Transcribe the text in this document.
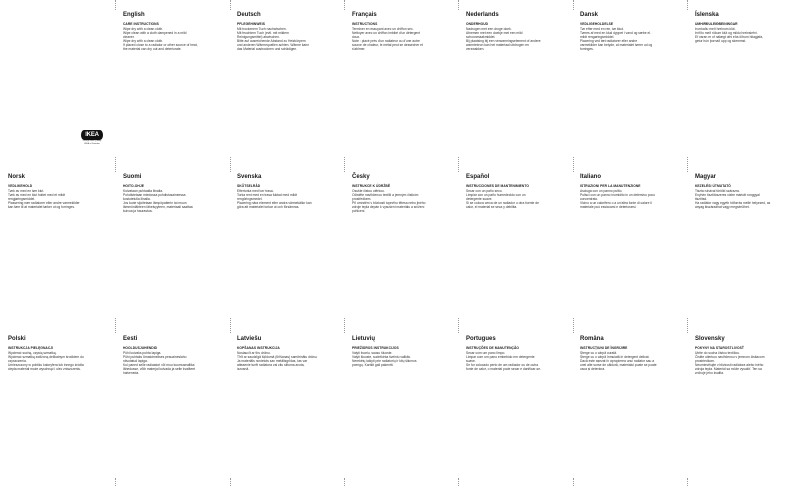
English

CARE INSTRUCTIONS

Wipe dry with a clean cloth.

Wipe clean with a cloth dampened in a mild

cleaner.

Wipe dry with a clean cloth.

If placed close to a radiator or other source of heat,

the material can dry out and deteriorate.

Deutsch

PFLEGEHINWEIS

Mit trockenem Tuch nachwischen.

Mit feuchtem Tuch (evtl. mit mildem

Reinigungsmittel) abwischen.

Bitte auf ausreichende Abstand zu Heizkörpern

und anderen Wärmequellen achten. Wärme kann

das Material austrocknen und schädigen.

Français

INSTRUCTIONS

Terminer en essuyant avec un chiffon sec.

Nettoyer avec un chiffon imbibé d'un détergent

doux.

Note : placé près d'un radiateur ou d'une autre

source de chaleur, le métal peut se dessécher et

s'abîmer.

Nederlands

ONDERHOUD

Nadrogen met een droge doek.

Afnemen met een doekje met een mild

schoonmaakmiddel.

Bij plaatsing bij een verwarmingselement of andere

warmtebron kan het materiaal uitdrogen en

verzwakken.

Dansk

VEDLIGEHOLDELSE

Tør efter med en ren, tør klud.

Tørres af med en klud dyppet i vand og sæbe el.

mildt rengøringsmiddel.

Placering ved tæt radiatorer eller andre

varmekilder kan betyde, at materialet tørrer ud og

forringes.

Íslenska

UMHIRÐULEIÐBEININGAR

Þurrkaðu með hreinum klút.

Þrífðu með rökum klút og mildu hreinsiefni.

Ef varan er of nálægt ofni eða öðrum hitagjafa,

getur hún þornað upp og skemmst.

Norsk

VEDLIKEHOLD

Tørk av med en tørr klut.

Tørk av med en klut fuktet med et mildt

rengjøringsmiddel.

Plassering nær radiatorer eller andre varmekilder

kan føre til at materialet tørker ut og forringes.

Suomi

HOITO-OHJE

Kuivataan puhtaalla liinalla.

Puhdistetaan miedossa puhdistusaineessa

kostutetulla liinalla.

Jos tuote sijoitetaan lämpöpatterin tai muun

lämmönlähteen läheisyyteen, materiaali saattaa

kuivua ja haurastua.

Svenska

SKÖTSELRÅD

Eftertorka med torr trasa.

Torka rent med en trasa fuktad med mildt

rengöringsmedel.

Placering nära element eller andra värmekällor kan

göra att materialet torkar ut och försämras.

Česky

INSTRUKCE K ÚDRŽBĚ

Osušte čistou utěrkou.

Očistěte navlhčenou textilií a jemným čisticím

prostředkem.

Při umístění v blízkosti topného tělesa nebo jiného

zdroje tepla depán k vysušení materiálu a snížení

pohlcení.

Español

INSTRUCCIONES DE MANTENIMIENTO

Secar con un paño seco.

Limpiar con un paño humedecido con un

detergente suave.

Si se coloca cerca de un radiador u otra fuente de

calor, el material se seca y debilita.

Italiano

ISTRUZIONI PER LA MANUTENZIONE

Asciuga con un panno pulito.

Pulisci con un panno inumidito in un detersivo poco

concentrato.

Vicino a un calorifero o a un'altra fonte di calore il

materiale può essiccarsi e deteriorarsi.

Magyar

KEZELÉSI ÚTMUTATÓ

Tiszta ruhával törölld szárazra.

Enyhén tisztítószeres vizbe mártott ronggyal

tisztítsd.

Ha radiátor vagy egyéb hőforrás mellé helyezed, az

anyag kiszáradhat vagy megsérülhet.

Polski

INSTRUKCJA PIELĘGNACJI

Wycierać suchą, czystą szmatką.

Wycierać szmatką zwilżoną delikatnym środkiem do

czyszczenia.

Umieszczony w pobliżu kaloryfera lub innego źródła

ciepła materiał może wyschnąć i ulec zniszczeniu.

Eesti

HOOLDUSJUHENDID

Pühi kuivaks puhta lapiga.

Pühi puhtaks õrnatoimelises pesuaineslahu

niisutatud lapiga.

Kui paned selle radiaatori või muu kuumuseallika

lähedusse, võib materjal kuivada ja selle kvaliteet

halveneda.

Latviešu

KOPŠANAS INSTRUKCIJA

Noslaucīt ar tīru drānu.

Tīrīt ar saudzīgā šķīdumā (tīrīšanas) samitrinātu drānu.

Ja materiāls novietots sav metālisgrīdas, tas var

atteaenie turēt radiatora vai citu siltuma avota,

izzusnā.

Lietuvių

PRIEŽIŪROS INSTRUKCIJOS

Valyti švariu, sausu šluoste.

Valyti šluoste, sudrėkinta švelniu valikliu.

Nerekėtų laikyti prie radiatorių ir kitų šilumos

pcengų. Kartkit gali pakentti.

Portugues

INSTRUÇÕES DE MANUTENÇÃO

Secar com um pano limpo.

Limpar com um pano embebido em detergente

suave.

Se for colocado perto de um radiador ou de outra

fonte de calor, o material pode secar e danificar-se.

Româna

INSTRUCȚIUNI DE ÎNGRIJIRE

Șterge cu o cârpă curată.

Șterge cu o cârpă înmuiată în detergent delicat.

Dacă este așezat în apropierea unui radiator sau a

unei alte surse de căldură, materialul poate se poate

usca și deteriora.

Slovensky

POKYNY NA STAROSTLIVOSŤ

Utrite do sucha čistou textíliou.

Čistite utierkou navlhčenou v jemnom čistiacom

prostriedkom.

Neumiestňujte v blízkosti radiátora alebo iného

zdroja tepla. Materiál sa môže vysušiť. Ten sa

zníhuje jeho kvalita.

IKEA

Design and Quality

IKEA of Sweden
